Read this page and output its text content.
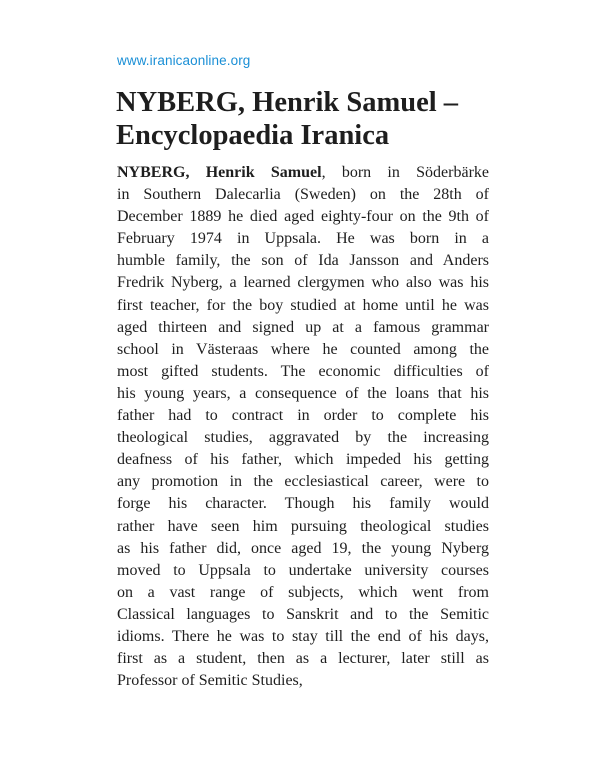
www.iranicaonline.org
NYBERG, Henrik Samuel – Encyclopaedia Iranica
NYBERG, Henrik Samuel, born in Söderbärke
in Southern Dalecarlia (Sweden) on the 28th of
December 1889 he died aged eighty-four on the 9th of
February 1974 in Uppsala. He was born in a
humble family, the son of Ida Jansson and Anders
Fredrik Nyberg, a learned clergymen who also was his
first teacher, for the boy studied at home until he was
aged thirteen and signed up at a famous grammar
school in Västeraas where he counted among the
most gifted students. The economic difficulties of
his young years, a consequence of the loans that his
father had to contract in order to complete his
theological studies, aggravated by the increasing
deafness of his father, which impeded his getting
any promotion in the ecclesiastical career, were to
forge his character. Though his family would
rather have seen him pursuing theological studies
as his father did, once aged 19, the young Nyberg
moved to Uppsala to undertake university courses
on a vast range of subjects, which went from
Classical languages to Sanskrit and to the Semitic
idioms. There he was to stay till the end of his days,
first as a student, then as a lecturer, later still as
Professor of Semitic Studies,
